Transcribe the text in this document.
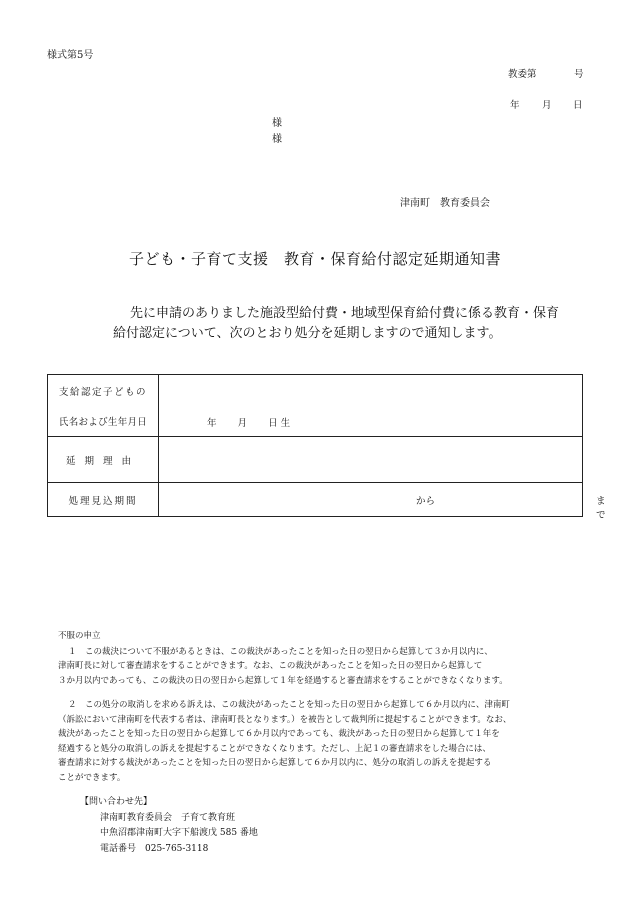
様式第5号
教委第	号
年 月 日
様
様
津南町　教育委員会
子ども・子育て支援　教育・保育給付認定延期通知書
先に申請のありました施設型給付費・地域型保育給付費に係る教育・保育
給付認定について、次のとおり処分を延期しますので通知します。
支給認定子どもの
氏名および生年月日	年 月 日 生

延期理由	
処理見込期間	から まで
不服の申立

１　この裁決について不服があるときは、この裁決があったことを知った日の翌日から起算して３か月以内に、

津南町長に対して審査請求をすることができます。なお、この裁決があったことを知った日の翌日から起算して

３か月以内であっても、この裁決の日の翌日から起算して１年を経過すると審査請求をすることができなくなります。

２　この処分の取消しを求める訴えは、この裁決があったことを知った日の翌日から起算して６か月以内に、津南町

（訴訟において津南町を代表する者は、津南町長となります。）を被告として裁判所に提起することができます。なお、

裁決があったことを知った日の翌日から起算して６か月以内であっても、裁決があった日の翌日から起算して１年を

経過すると処分の取消しの訴えを提起することができなくなります。ただし、上記１の審査請求をした場合には、

審査請求に対する裁決があったことを知った日の翌日から起算して６か月以内に、処分の取消しの訴えを提起する

ことができます。

【問い合わせ先】
津南町教育委員会　子育て教育班
中魚沼郡津南町大字下船渡戊 585 番地
電話番号　025-765-3118
